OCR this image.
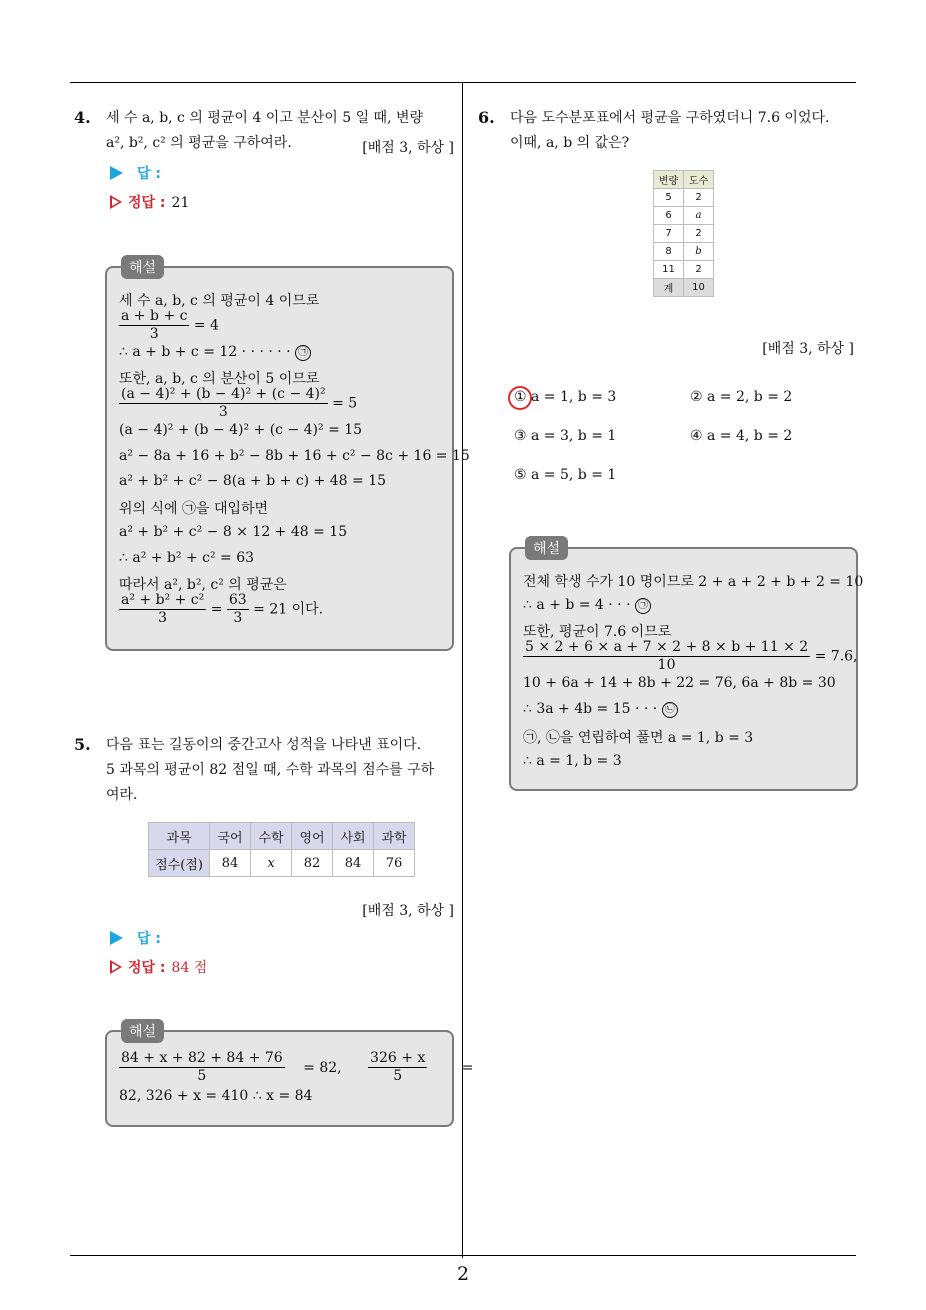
2
4. 세 수 a, b, c 의 평균이 4 이고 분산이 5 일 때, 변량
a², b², c² 의 평균을 구하여라.	[배점 3, 하상 ]
답 :
정답 : 21
해설
세 수 a, b, c 의 평균이 4 이므로
$\frac{a + b + c}{3} = 4$
∴ a + b + c = 12 · · · · · · ㉠
또한, a, b, c 의 분산이 5 이므로
$\frac{\text{(a − 4)² + (b − 4)² + (c − 4)²}}{3} = 5$
(a − 4)² + (b − 4)² + (c − 4)² = 15
a² − 8a + 16 + b² − 8b + 16 + c² − 8c + 16 = 15
a² + b² + c² − 8(a + b + c) + 48 = 15
위의 식에 ㉠을 대입하면
a² + b² + c² − 8 × 12 + 48 = 15
∴ a² + b² + c² = 63
따라서 a², b², c² 의 평균은
$\frac{\text{a² + b² + c²}}{3} = \frac{63}{3} = 21$ 이다.
5. 다음 표는 길동이의 중간고사 성적을 나타낸 표이다.
5 과목의 평균이 82 점일 때, 수학 과목의 점수를 구하
여라.
과목	국어	수학	영어	사회	과학
점수(점)	84	x	82	84	76
[배점 3, 하상 ]
답 :
정답 : 84 점
해설
$\frac{84 + x + 82 + 84 + 76}{5} = 82$, $\frac{326 + x}{5}$ =
82, 326 + x = 410 ∴ x = 84
6. 다음 도수분포표에서 평균을 구하였더니 7.6 이었다.
이때, a, b 의 값은?
변량	도수
5	2
6	a
7	2
8	b
11	2
계	10
[배점 3, 하상 ]
① a = 1, b = 3	② a = 2, b = 2
③ a = 3, b = 1	④ a = 4, b = 2
⑤ a = 5, b = 1
해설
전체 학생 수가 10 명이므로 2 + a + 2 + b + 2 = 10
∴ a + b = 4 · · · ㉠
또한, 평균이 7.6 이므로
$\frac{5 \times 2 + 6 \times a + 7 \times 2 + 8 \times b + 11 \times 2}{10} = 7.6$,
10 + 6a + 14 + 8b + 22 = 76, 6a + 8b = 30
∴ 3a + 4b = 15 · · · ㉡
㉠, ㉡을 연립하여 풀면 a = 1, b = 3
∴ a = 1, b = 3
